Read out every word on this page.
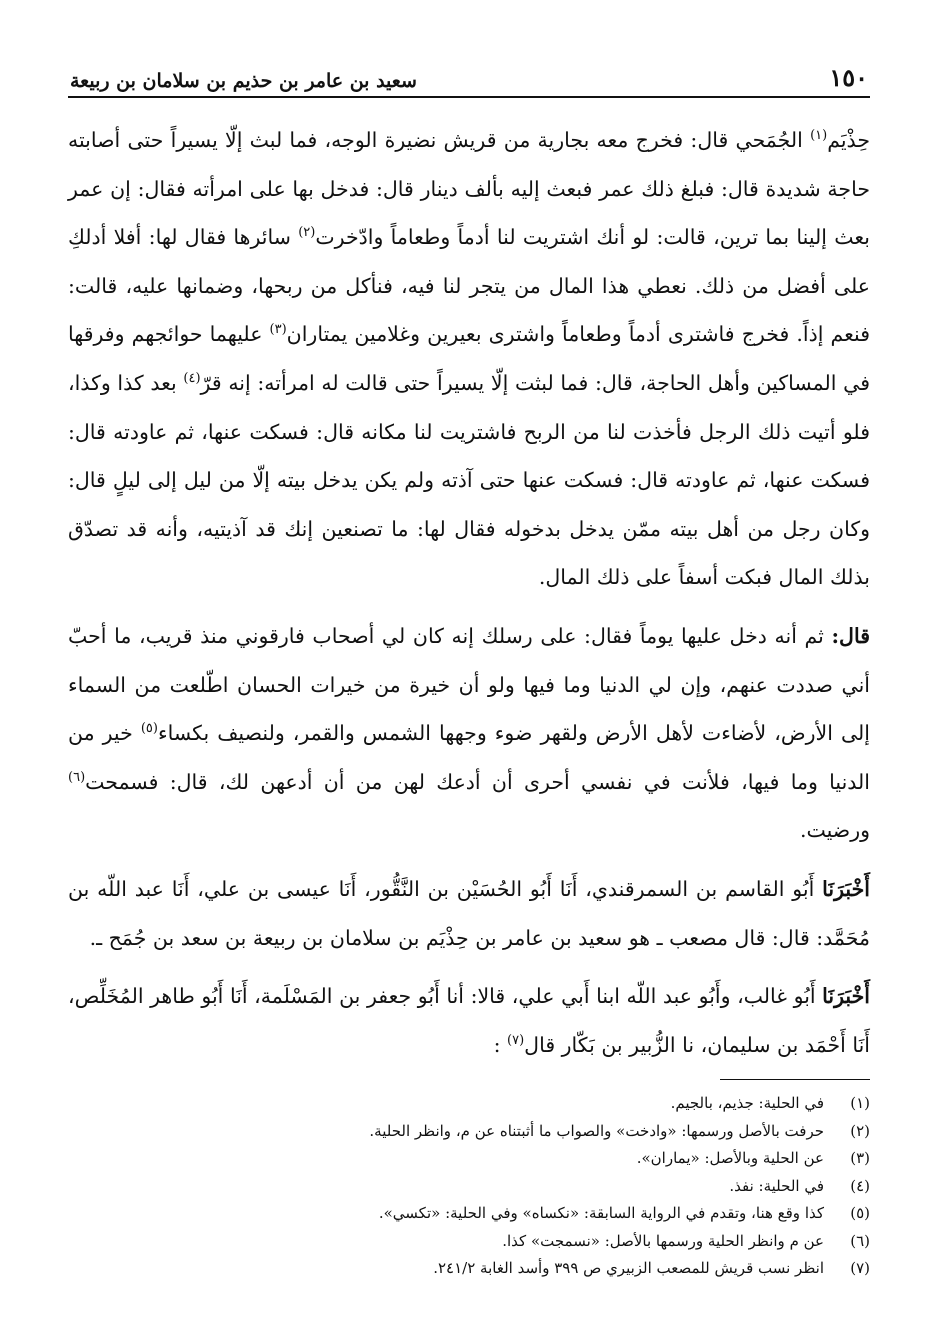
١٥٠
سعيد بن عامر بن حذيم بن سلامان بن ربيعة

حِذْيَم$^{(١)}$ الجُمَحي قال: فخرج معه بجارية من قريش نضيرة الوجه، فما لبث إلّا يسيراً حتى أصابته حاجة شديدة قال: فبلغ ذلك عمر فبعث إليه بألف دينار قال: فدخل بها على امرأته فقال: إن عمر بعث إلينا بما ترين، قالت: لو أنك اشتريت لنا أدماً وطعاماً وادّخرت$^{(٢)}$ سائرها فقال لها: أفلا أدلكِ على أفضل من ذلك. نعطي هذا المال من يتجر لنا فيه، فنأكل من ربحها، وضمانها عليه، قالت: فنعم إذاً. فخرج فاشترى أدماً وطعاماً واشترى بعيرين وغلامين يمتاران$^{(٣)}$ عليهما حوائجهم وفرقها في المساكين وأهل الحاجة، قال: فما لبثت إلّا يسيراً حتى قالت له امرأته: إنه قرّ$^{(٤)}$ بعد كذا وكذا، فلو أتيت ذلك الرجل فأخذت لنا من الربح فاشتريت لنا مكانه قال: فسكت عنها، ثم عاودته قال: فسكت عنها، ثم عاودته قال: فسكت عنها حتى آذته ولم يكن يدخل بيته إلّا من ليل إلى ليلٍ قال: وكان رجل من أهل بيته ممّن يدخل بدخوله فقال لها: ما تصنعين إنك قد آذيتيه، وأنه قد تصدّق بذلك المال فبكت أسفاً على ذلك المال.

قال: ثم أنه دخل عليها يوماً فقال: على رسلك إنه كان لي أصحاب فارقوني منذ قريب، ما أحبّ أني صددت عنهم، وإن لي الدنيا وما فيها ولو أن خيرة من خيرات الحسان اطّلعت من السماء إلى الأرض، لأضاءت لأهل الأرض ولقهر ضوء وجهها الشمس والقمر، ولنصيف بكساء$^{(٥)}$ خير من الدنيا وما فيها، فلأنت في نفسي أحرى أن أدعك لهن من أن أدعهن لك، قال: فسمحت$^{(٦)}$ ورضيت.

أَخْبَرَنَا أَبُو القاسم بن السمرقندي، أَنَا أَبُو الحُسَيْن بن النَّقُّور، أَنَا عيسى بن علي، أَنَا عبد اللّه بن مُحَمَّد: قال: قال مصعب ـ هو سعيد بن عامر بن حِذْيَم بن سلامان بن ربيعة بن سعد بن جُمَح ـ.

أَخْبَرَنَا أَبُو غالب، وأَبُو عبد اللّه ابنا أَبي علي، قالا: أنا أَبُو جعفر بن المَسْلَمة، أَنَا أَبُو طاهر المُخَلِّص، أَنَا أَحْمَد بن سليمان، نا الزُّبير بن بَكّار قال$^{(٧)}$ :

(١)
في الحلية: جذيم، بالجيم.
(٢)
حرفت بالأصل ورسمها: «وادخت» والصواب ما أثبتناه عن م، وانظر الحلية.
(٣)
عن الحلية وبالأصل: «يماران».
(٤)
في الحلية: نفذ.
(٥)
كذا وقع هنا، وتقدم في الرواية السابقة: «نكساه» وفي الحلية: «تكسي».
(٦)
عن م وانظر الحلية ورسمها بالأصل: «نسمجت» كذا.
(٧)
انظر نسب قريش للمصعب الزبيري ص ٣٩٩ وأسد الغابة ٢٤١/٢.
